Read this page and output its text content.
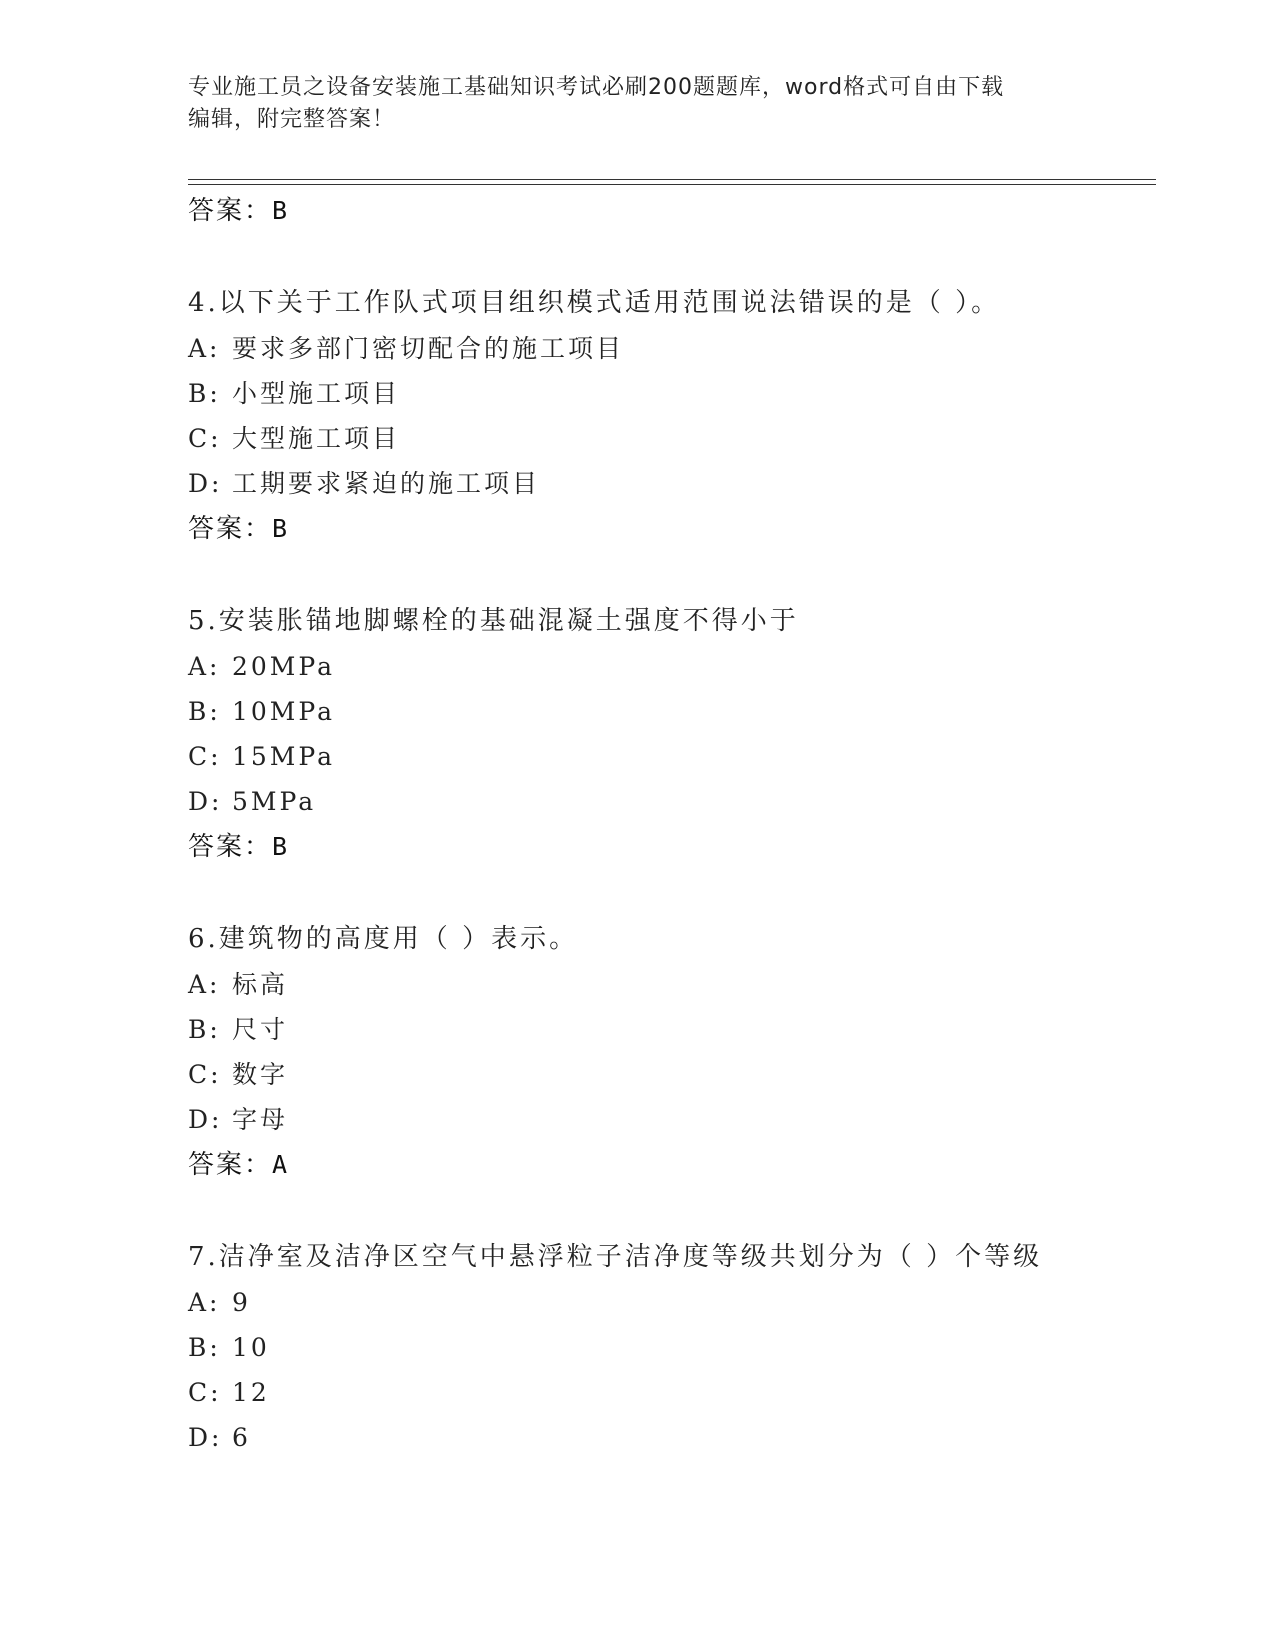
专业施工员之设备安装施工基础知识考试必刷200题题库，word格式可自由下载
编辑，附完整答案！
答案：B
4.以下关于工作队式项目组织模式适用范围说法错误的是（ ）。
A: 要求多部门密切配合的施工项目
B: 小型施工项目
C: 大型施工项目
D: 工期要求紧迫的施工项目
答案：B
5.安装胀锚地脚螺栓的基础混凝土强度不得小于
A: 20MPa
B: 10MPa
C: 15MPa
D: 5MPa
答案：B
6.建筑物的高度用（ ）表示。
A: 标高
B: 尺寸
C: 数字
D: 字母
答案：A
7.洁净室及洁净区空气中悬浮粒子洁净度等级共划分为（ ）个等级
A: 9
B: 10
C: 12
D: 6
